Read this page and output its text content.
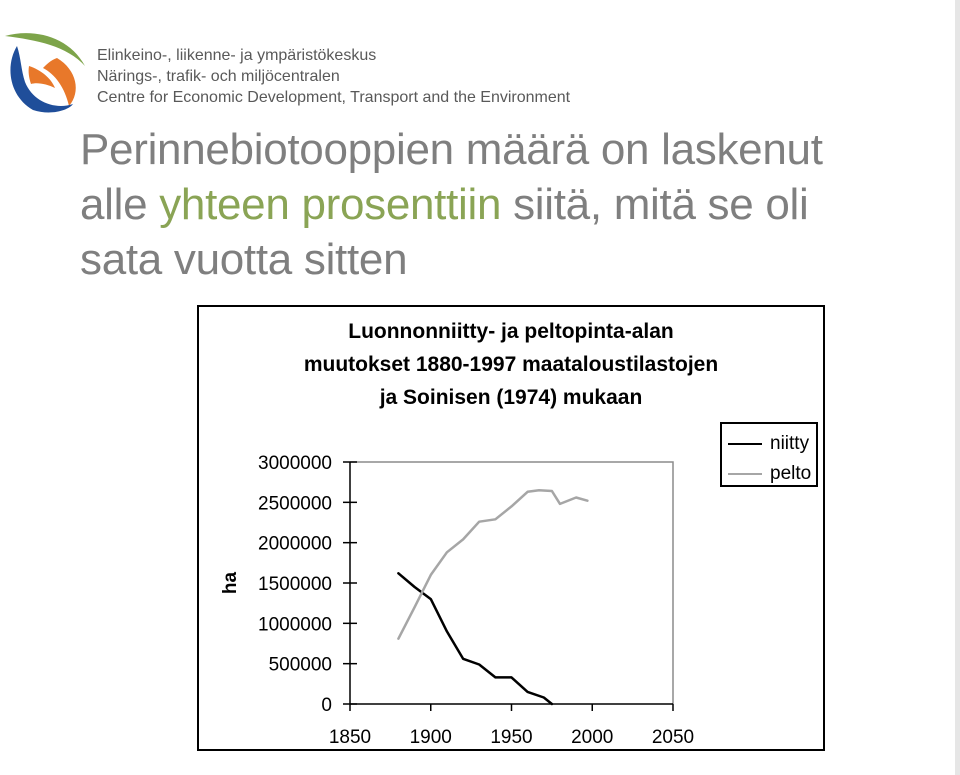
Elinkeino-, liikenne- ja ympäristökeskus
Närings-, trafik- och miljöcentralen
Centre for Economic Development, Transport and the Environment
Perinnebiotooppien määrä on laskenut
alle yhteen prosenttiin siitä, mitä se oli
sata vuotta sitten
Luonnonniitty- ja peltopinta-alan
muutokset 1880-1997 maataloustilastojen
ja Soinisen (1974) mukaan
0
500000
1000000
1500000
2000000
2500000
3000000
1850 1900 1950 2000 2050
ha
niitty
pelto
